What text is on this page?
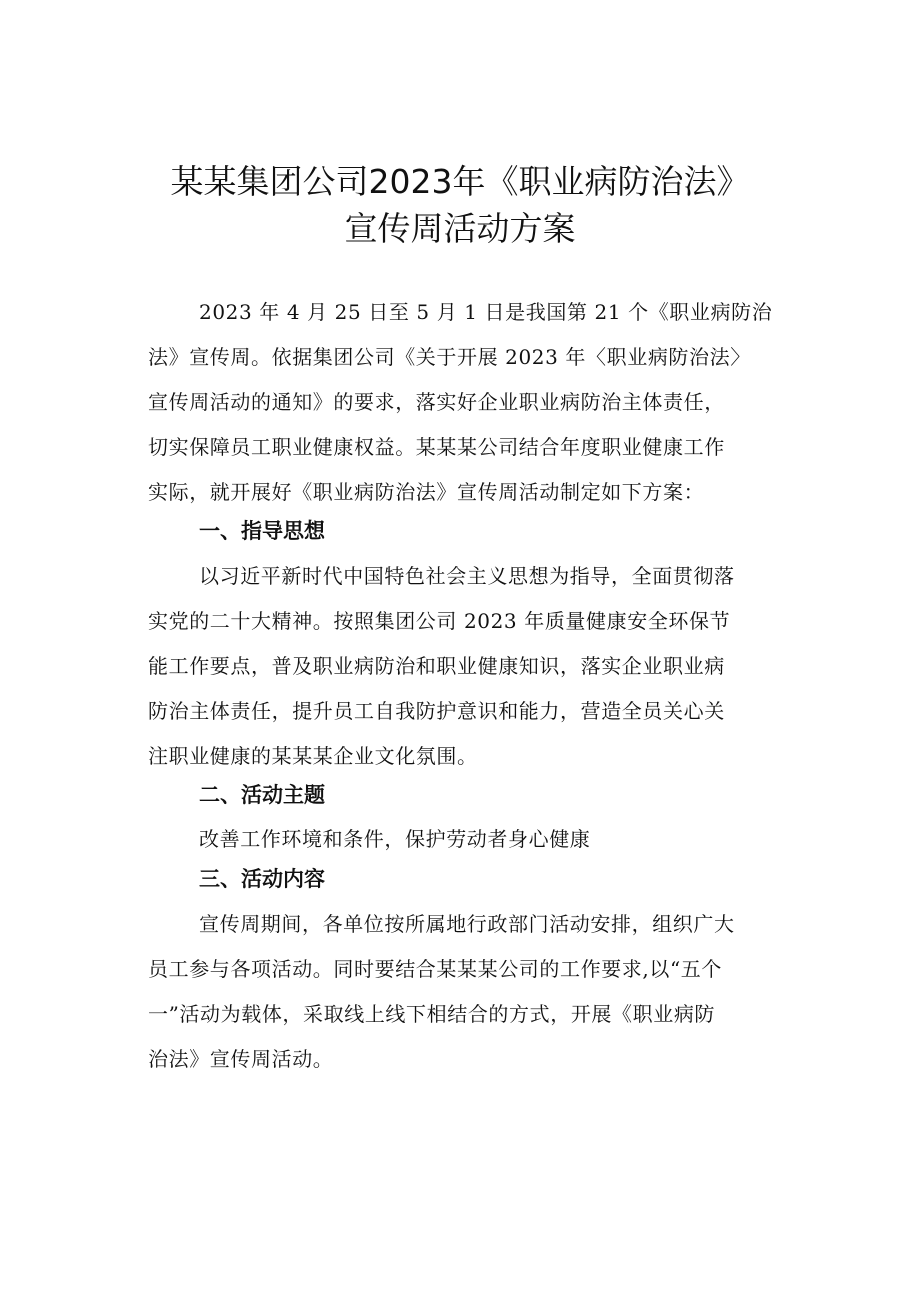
某某集团公司2023年《职业病防治法》
宣传周活动方案
2023 年 4 月 25 日至 5 月 1 日是我国第 21 个《职业病防治
法》宣传周。依据集团公司《关于开展 2023 年〈职业病防治法〉
宣传周活动的通知》的要求，落实好企业职业病防治主体责任，
切实保障员工职业健康权益。某某某公司结合年度职业健康工作
实际，就开展好《职业病防治法》宣传周活动制定如下方案：
一、指导思想
以习近平新时代中国特色社会主义思想为指导，全面贯彻落
实党的二十大精神。按照集团公司 2023 年质量健康安全环保节
能工作要点，普及职业病防治和职业健康知识，落实企业职业病
防治主体责任，提升员工自我防护意识和能力，营造全员关心关
注职业健康的某某某企业文化氛围。
二、活动主题
改善工作环境和条件，保护劳动者身心健康
三、活动内容
宣传周期间，各单位按所属地行政部门活动安排，组织广大
员工参与各项活动。同时要结合某某某公司的工作要求,以“五个
一”活动为载体，采取线上线下相结合的方式，开展《职业病防
治法》宣传周活动。
